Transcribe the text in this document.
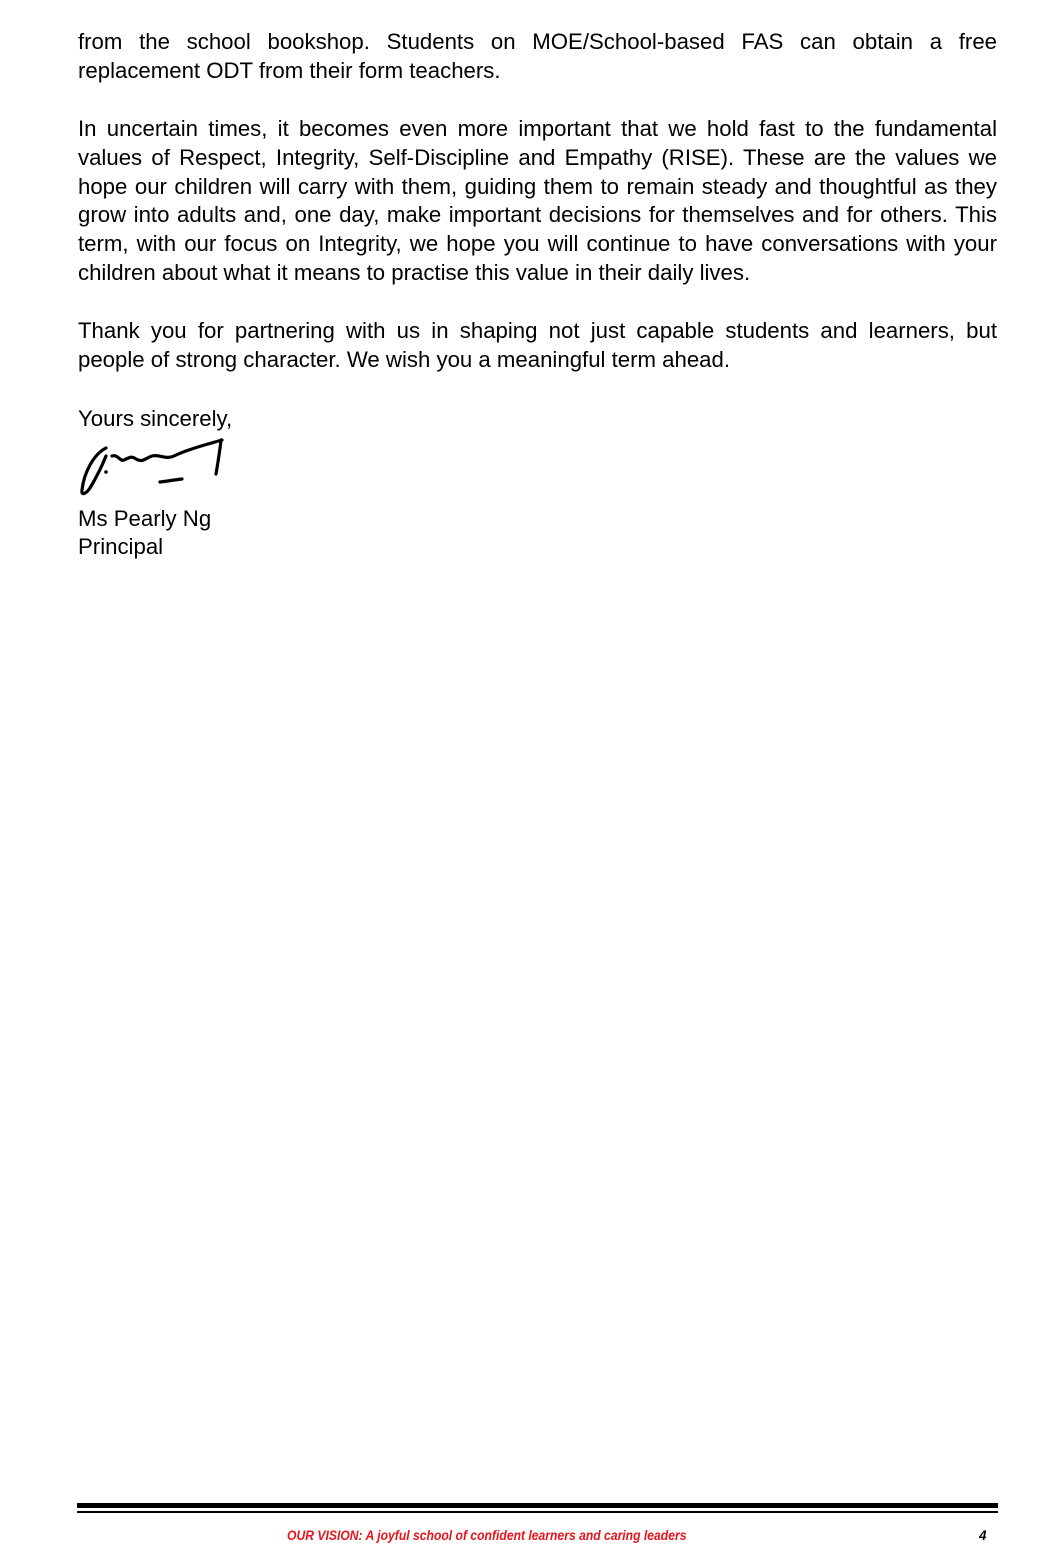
from the school bookshop. Students on MOE/School-based FAS can obtain a free replacement ODT from their form teachers.

In uncertain times, it becomes even more important that we hold fast to the fundamental values of Respect, Integrity, Self-Discipline and Empathy (RISE). These are the values we hope our children will carry with them, guiding them to remain steady and thoughtful as they grow into adults and, one day, make important decisions for themselves and for others. This term, with our focus on Integrity, we hope you will continue to have conversations with your children about what it means to practise this value in their daily lives.

Thank you for partnering with us in shaping not just capable students and learners, but people of strong character. We wish you a meaningful term ahead.

Yours sincerely,
Ms Pearly Ng
Principal
OUR VISION: A joyful school of confident learners and caring leaders	4
